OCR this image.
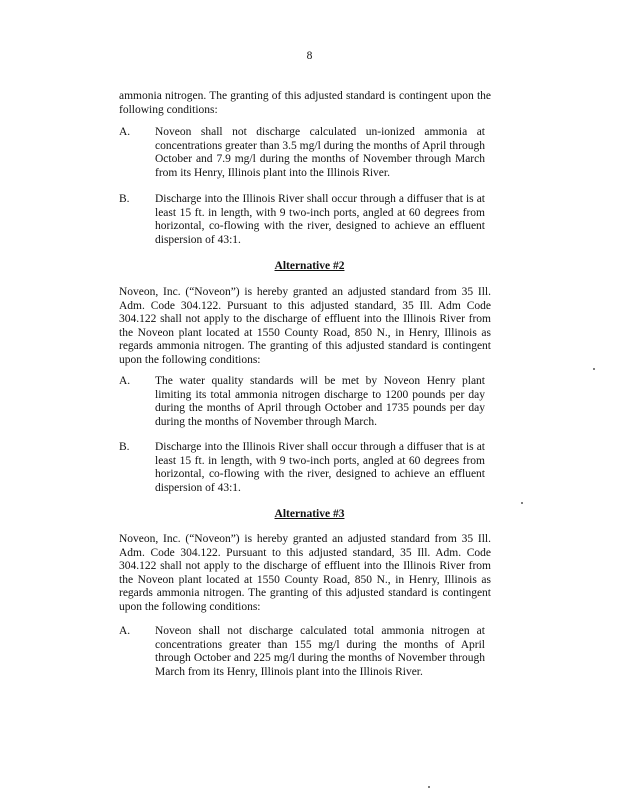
8
ammonia nitrogen. The granting of this adjusted standard is contingent upon the following conditions:
A.	Noveon shall not discharge calculated un-ionized ammonia at concentrations greater than 3.5 mg/l during the months of April through October and 7.9 mg/l during the months of November through March from its Henry, Illinois plant into the Illinois River.
B.	Discharge into the Illinois River shall occur through a diffuser that is at least 15 ft. in length, with 9 two-inch ports, angled at 60 degrees from horizontal, co-flowing with the river, designed to achieve an effluent dispersion of 43:1.
Alternative #2
Noveon, Inc. (“Noveon”) is hereby granted an adjusted standard from 35 Ill. Adm. Code 304.122. Pursuant to this adjusted standard, 35 Ill. Adm Code 304.122 shall not apply to the discharge of effluent into the Illinois River from the Noveon plant located at 1550 County Road, 850 N., in Henry, Illinois as regards ammonia nitrogen. The granting of this adjusted standard is contingent upon the following conditions:
A.	The water quality standards will be met by Noveon Henry plant limiting its total ammonia nitrogen discharge to 1200 pounds per day during the months of April through October and 1735 pounds per day during the months of November through March.
B.	Discharge into the Illinois River shall occur through a diffuser that is at least 15 ft. in length, with 9 two-inch ports, angled at 60 degrees from horizontal, co-flowing with the river, designed to achieve an effluent dispersion of 43:1.
Alternative #3
Noveon, Inc. (“Noveon”) is hereby granted an adjusted standard from 35 Ill. Adm. Code 304.122. Pursuant to this adjusted standard, 35 Ill. Adm. Code 304.122 shall not apply to the discharge of effluent into the Illinois River from the Noveon plant located at 1550 County Road, 850 N., in Henry, Illinois as regards ammonia nitrogen. The granting of this adjusted standard is contingent upon the following conditions:
A.	Noveon shall not discharge calculated total ammonia nitrogen at concentrations greater than 155 mg/l during the months of April through October and 225 mg/l during the months of November through March from its Henry, Illinois plant into the Illinois River.
